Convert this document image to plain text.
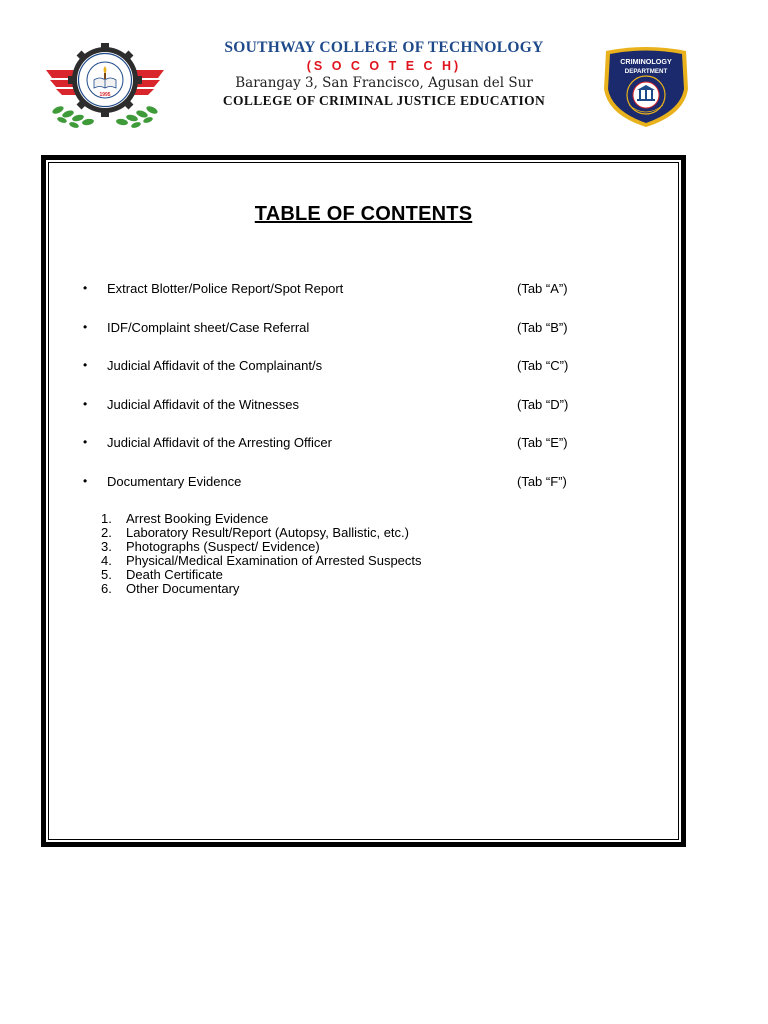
1995
SOUTHWAY COLLEGE OF TECHNOLOGY
(S O C O T E C H)
Barangay 3, San Francisco, Agusan del Sur
COLLEGE OF CRIMINAL JUSTICE EDUCATION
CRIMINOLOGY
DEPARTMENT
TABLE OF CONTENTS
• Extract Blotter/Police Report/Spot Report	(Tab “A”)
• IDF/Complaint sheet/Case Referral	(Tab “B”)
• Judicial Affidavit of the Complainant/s	(Tab “C”)
• Judicial Affidavit of the Witnesses	(Tab “D”)
• Judicial Affidavit of the Arresting Officer	(Tab “E”)
• Documentary Evidence	(Tab “F”)
1. Arrest Booking Evidence
2. Laboratory Result/Report (Autopsy, Ballistic, etc.)
3. Photographs (Suspect/ Evidence)
4. Physical/Medical Examination of Arrested Suspects
5. Death Certificate
6. Other Documentary
